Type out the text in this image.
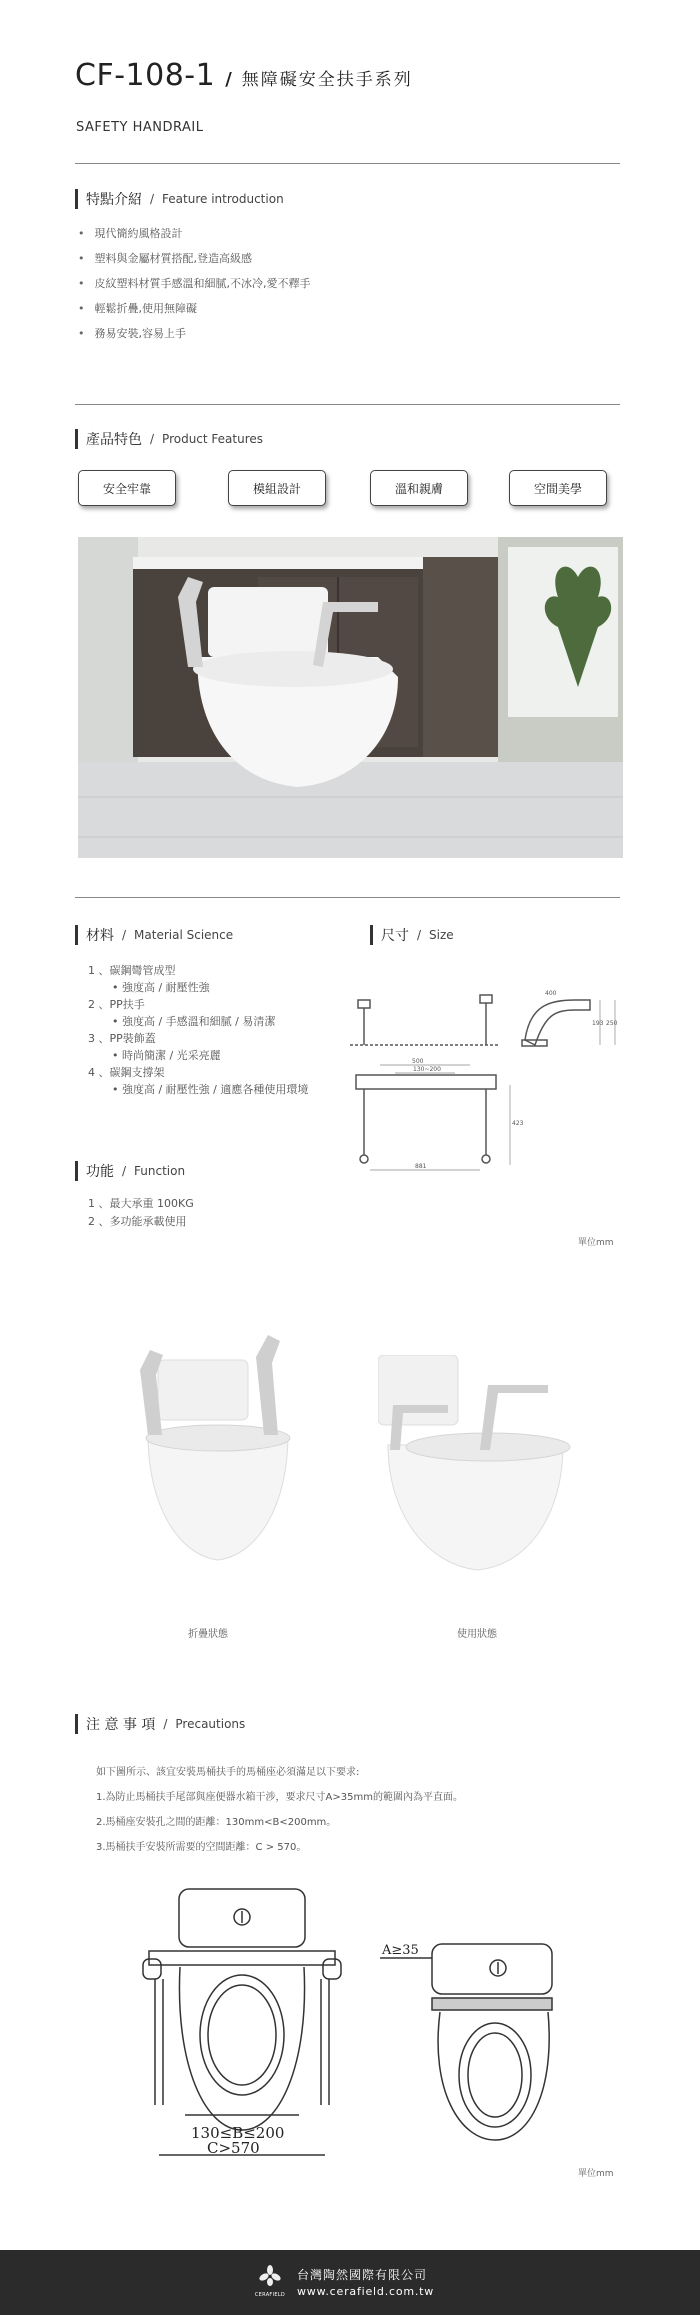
CF-108-1 / 無障礙安全扶手系列
SAFETY HANDRAIL
特點介紹 / Feature introduction
• 現代簡約風格設計
• 塑料與金屬材質搭配,登造高級感
• 皮紋塑料材質手感溫和細膩,不冰冷,愛不釋手
• 輕鬆折疊,使用無障礙
• 務易安裝,容易上手
產品特色 / Product Features
安全牢靠	模組設計	溫和親膚	空間美學
材料 / Material Science
1 、碳鋼彎管成型
• 強度高 / 耐壓性強
2 、PP扶手
• 強度高 / 手感溫和細膩 / 易清潔
3 、PP裝飾蓋
• 時尚簡潔 / 光采亮麗
4 、碳鋼支撐架
• 強度高 / 耐壓性強 / 適應各種使用環境
尺寸 / Size
500
130~200
881
423
193 250
400
單位mm
功能 / Function
1 、最大承重 100KG
2 、多功能承載使用
折疊狀態	使用狀態
注 意 事 項 / Precautions
如下圖所示、該宜安裝馬桶扶手的馬桶座必須滿足以下要求:
1.為防止馬桶扶手尾部與座便器水箱干涉，要求尺寸A>35mm的範圍內為平直面。
2.馬桶座安裝孔之間的距離：130mm<B<200mm。
3.馬桶扶手安裝所需要的空間距離：C > 570。
130≤B≤200
C>570
A≥35
單位mm
CERAFIELD
台灣陶然國際有限公司
www.cerafield.com.tw
